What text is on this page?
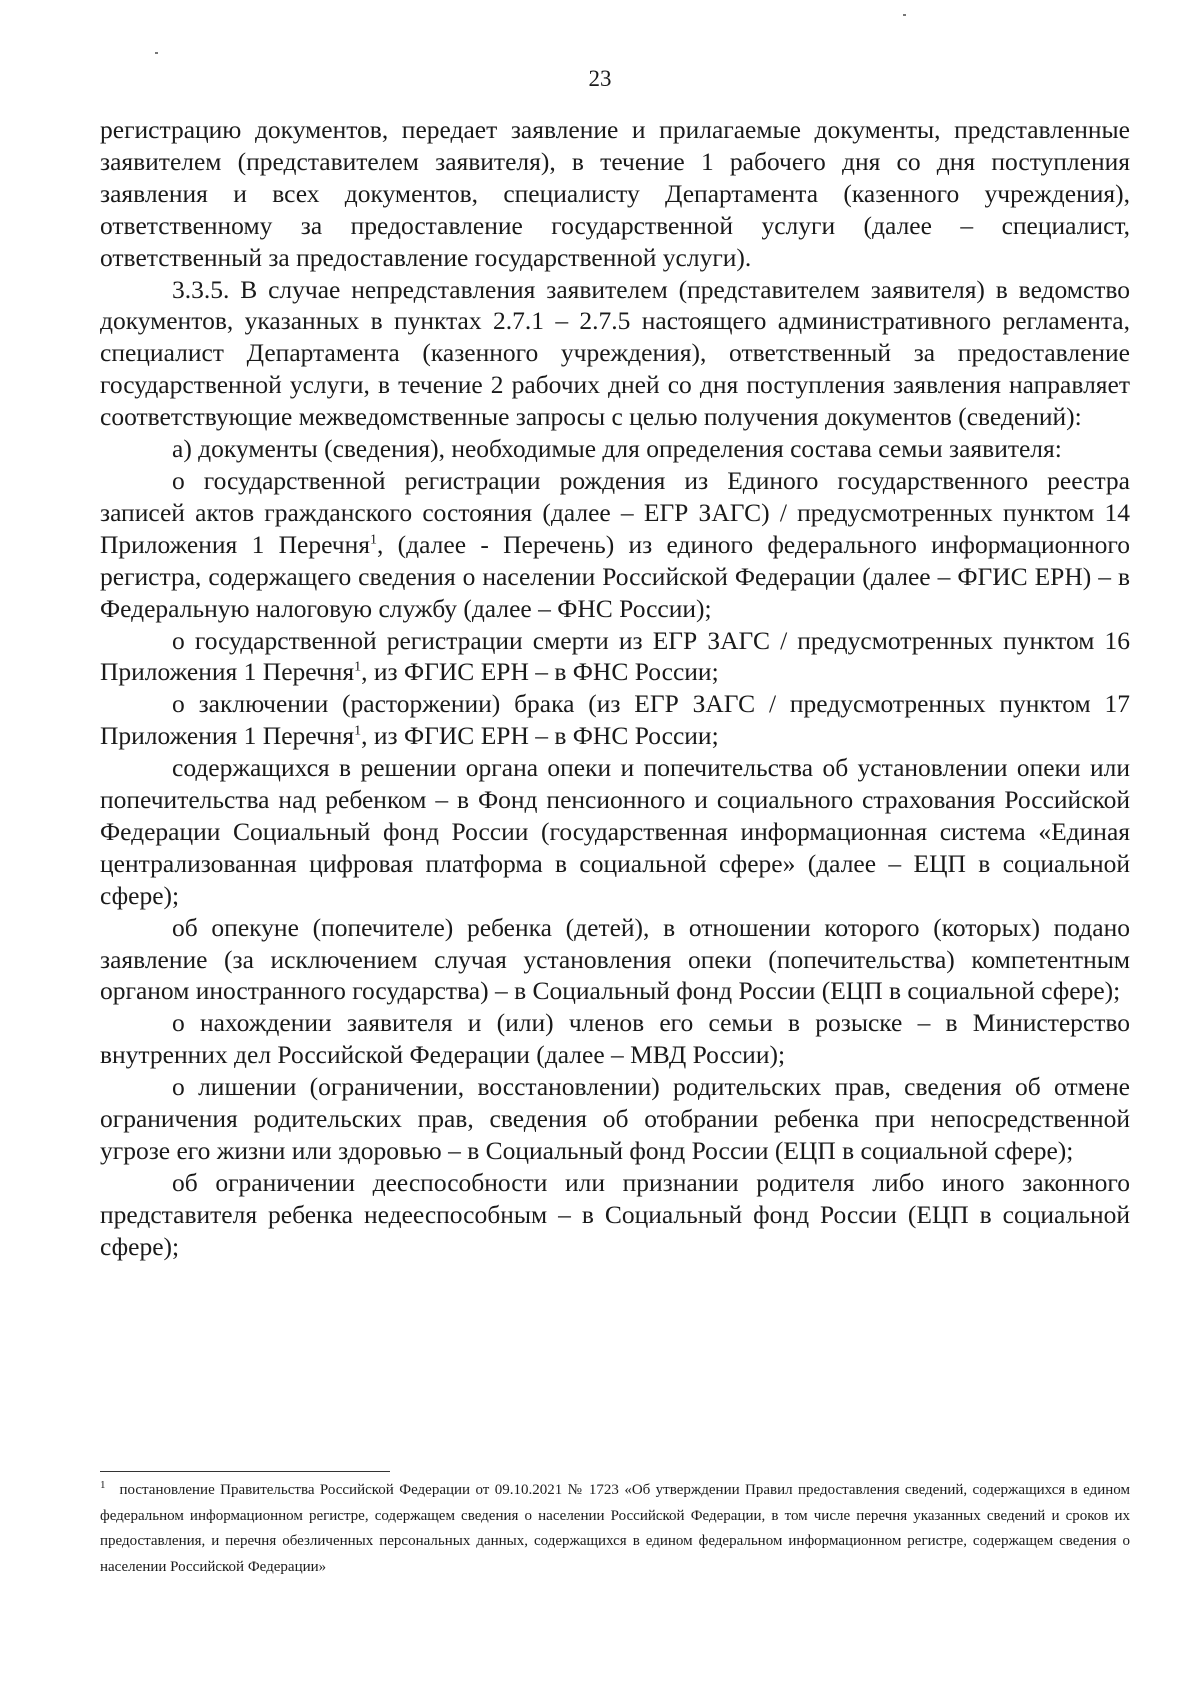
23

регистрацию документов, передает заявление и прилагаемые документы, представленные заявителем (представителем заявителя), в течение 1 рабочего дня со дня поступления заявления и всех документов, специалисту Департамента (казенного учреждения), ответственному за предоставление государственной услуги (далее – специалист, ответственный за предоставление государственной услуги).

3.3.5. В случае непредставления заявителем (представителем заявителя) в ведомство документов, указанных в пунктах 2.7.1 – 2.7.5 настоящего административного регламента, специалист Департамента (казенного учреждения), ответственный за предоставление государственной услуги, в течение 2 рабочих дней со дня поступления заявления направляет соответствующие межведомственные запросы с целью получения документов (сведений):

а) документы (сведения), необходимые для определения состава семьи заявителя:

о государственной регистрации рождения из Единого государственного реестра записей актов гражданского состояния (далее – ЕГР ЗАГС) / предусмотренных пунктом 14 Приложения 1 Перечня$^1$, (далее - Перечень) из единого федерального информационного регистра, содержащего сведения о населении Российской Федерации (далее – ФГИС ЕРН) – в Федеральную налоговую службу (далее – ФНС России);

о государственной регистрации смерти из ЕГР ЗАГС / предусмотренных пунктом 16 Приложения 1 Перечня$^1$, из ФГИС ЕРН – в ФНС России;

о заключении (расторжении) брака (из ЕГР ЗАГС / предусмотренных пунктом 17 Приложения 1 Перечня$^1$, из ФГИС ЕРН – в ФНС России;

содержащихся в решении органа опеки и попечительства об установлении опеки или попечительства над ребенком – в Фонд пенсионного и социального страхования Российской Федерации Социальный фонд России (государственная информационная система «Единая централизованная цифровая платформа в социальной сфере» (далее – ЕЦП в социальной сфере);

об опекуне (попечителе) ребенка (детей), в отношении которого (которых) подано заявление (за исключением случая установления опеки (попечительства) компетентным органом иностранного государства) – в Социальный фонд России (ЕЦП в социальной сфере);

о нахождении заявителя и (или) членов его семьи в розыске – в Министерство внутренних дел Российской Федерации (далее – МВД России);

о лишении (ограничении, восстановлении) родительских прав, сведения об отмене ограничения родительских прав, сведения об отобрании ребенка при непосредственной угрозе его жизни или здоровью – в Социальный фонд России (ЕЦП в социальной сфере);

об ограничении дееспособности или признании родителя либо иного законного представителя ребенка недееспособным – в Социальный фонд России (ЕЦП в социальной сфере);

$^1$ постановление Правительства Российской Федерации от 09.10.2021 № 1723 «Об утверждении Правил предоставления сведений, содержащихся в едином федеральном информационном регистре, содержащем сведения о населении Российской Федерации, в том числе перечня указанных сведений и сроков их предоставления, и перечня обезличенных персональных данных, содержащихся в едином федеральном информационном регистре, содержащем сведения о населении Российской Федерации»
